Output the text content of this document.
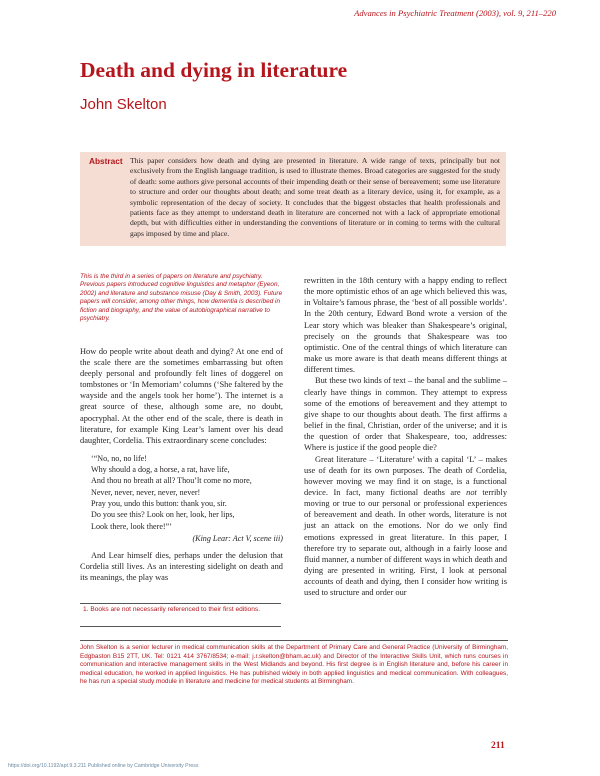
Advances in Psychiatric Treatment (2003), vol. 9, 211–220
Death and dying in literature
John Skelton
Abstract This paper considers how death and dying are presented in literature. A wide range of texts, principally but not exclusively from the English language tradition, is used to illustrate themes. Broad categories are suggested for the study of death: some authors give personal accounts of their impending death or their sense of bereavement; some use literature to structure and order our thoughts about death; and some treat death as a literary device, using it, for example, as a symbolic representation of the decay of society. It concludes that the biggest obstacles that health professionals and patients face as they attempt to understand death in literature are concerned not with a lack of appropriate emotional depth, but with difficulties either in understanding the conventions of literature or in coming to terms with the cultural gaps imposed by time and place.

This is the third in a series of papers on literature and psychiatry. Previous papers introduced cognitive linguistics and metaphor (Eyeon, 2002) and literature and substance misuse (Day & Smith, 2003). Future papers will consider, among other things, how dementia is described in fiction and biography, and the value of autobiographical narrative to psychiatry.

How do people write about death and dying? At one end of the scale there are the sometimes embarrassing but often deeply personal and profoundly felt lines of doggerel on tombstones or ‘In Memoriam’ columns (‘She faltered by the wayside and the angels took her home’). The internet is a great source of these, although some are, no doubt, apocryphal. At the other end of the scale, there is death in literature, for example King Lear’s lament over his dead daughter, Cordelia. This extraordinary scene concludes:

‘“No, no, no life!
Why should a dog, a horse, a rat, have life,
And thou no breath at all? Thou’lt come no more,
Never, never, never, never, never!
Pray you, undo this button: thank you, sir.
Do you see this? Look on her, look, her lips,
Look there, look there!”’
(King Lear: Act V, scene iii)

And Lear himself dies, perhaps under the delusion that Cordelia still lives. As an interesting sidelight on death and its meanings, the play was

1. Books are not necessarily referenced to their first editions.

rewritten in the 18th century with a happy ending to reflect the more optimistic ethos of an age which believed this was, in Voltaire’s famous phrase, the ‘best of all possible worlds’. In the 20th century, Edward Bond wrote a version of the Lear story which was bleaker than Shakespeare’s original, precisely on the grounds that Shakespeare was too optimistic. One of the central things of which literature can make us more aware is that death means different things at different times.

But these two kinds of text – the banal and the sublime – clearly have things in common. They attempt to express some of the emotions of bereavement and they attempt to give shape to our thoughts about death. The first affirms a belief in the final, Christian, order of the universe; and it is the question of order that Shakespeare, too, addresses: Where is justice if the good people die?

Great literature – ‘Literature’ with a capital ‘L’ – makes use of death for its own purposes. The death of Cordelia, however moving we may find it on stage, is a functional device. In fact, many fictional deaths are not terribly moving or true to our personal or professional experiences of bereavement and death. In other words, literature is not just an attack on the emotions. Nor do we only find emotions expressed in great literature. In this paper, I therefore try to separate out, although in a fairly loose and fluid manner, a number of different ways in which death and dying are presented in writing. First, I look at personal accounts of death and dying, then I consider how writing is used to structure and order our

John Skelton is a senior lecturer in medical communication skills at the Department of Primary Care and General Practice (University of Birmingham, Edgbaston B15 2TT, UK. Tel: 0121 414 3767/8534; e-mail: j.r.skelton@bham.ac.uk) and Director of the Interactive Skills Unit, which runs courses in communication and interactive management skills in the West Midlands and beyond. His first degree is in English literature and, before his career in medical education, he worked in applied linguistics. He has published widely in both applied linguistics and medical communication. With colleagues, he has run a special study module in literature and medicine for medical students at Birmingham.

211
https://doi.org/10.1192/apt.9.3.211 Published online by Cambridge University Press
